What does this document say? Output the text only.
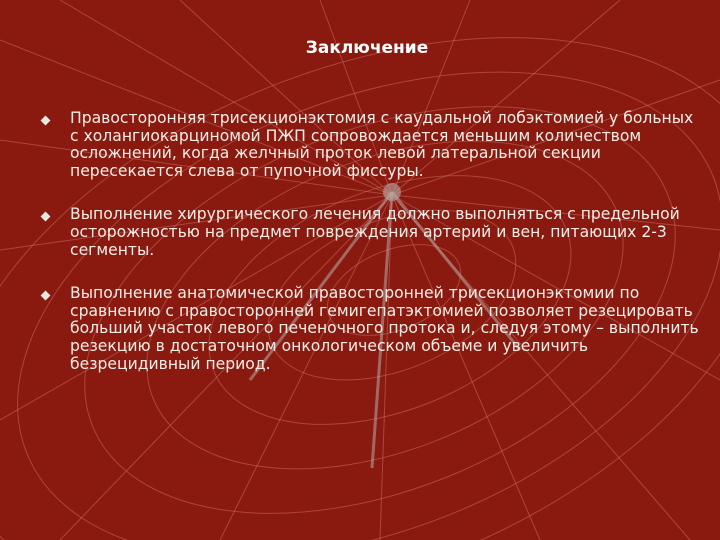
Заключение
Правосторонняя трисекционэктомия с каудальной лобэктомией у больных с холангиокарциномой ПЖП сопровождается меньшим количеством осложнений, когда желчный проток левой латеральной секции пересекается слева от пупочной фиссуры.
Выполнение хирургического лечения должно выполняться с предельной осторожностью на предмет повреждения артерий и вен, питающих 2-3 сегменты.
Выполнение анатомической правосторонней трисекционэктомии по сравнению с правосторонней гемигепатэктомией позволяет резецировать больший участок левого печеночного протока и, следуя этому – выполнить резекцию в достаточном онкологическом объеме и увеличить безрецидивный период.
